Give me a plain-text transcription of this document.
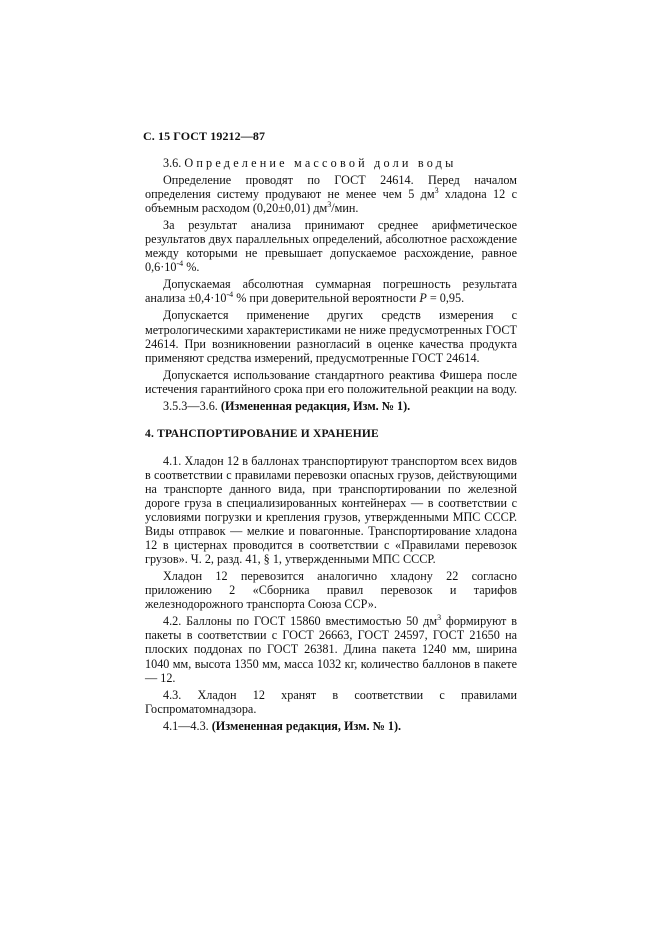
С. 15 ГОСТ 19212—87

3.6. Определение массовой доли воды

Определение проводят по ГОСТ 24614. Перед началом определения систему продувают не менее чем 5 $дм^3$ хладона 12 с объемным расходом (0,20±0,01) $дм^3$/мин.

За результат анализа принимают среднее арифметическое результатов двух параллельных определений, абсолютное расхождение между которыми не превышает допускаемое расхождение, равное $0,6\cdot 10^{-4}$ %.

Допускаемая абсолютная суммарная погрешность результата анализа $\pm 0,4\cdot 10^{-4}$ % при доверительной вероятности P = 0,95.

Допускается применение других средств измерения с метрологическими характеристиками не ниже предусмотренных ГОСТ 24614. При возникновении разногласий в оценке качества продукта применяют средства измерений, предусмотренные ГОСТ 24614.

Допускается использование стандартного реактива Фишера после истечения гарантийного срока при его положительной реакции на воду.

3.5.3—3.6. (Измененная редакция, Изм. № 1).

4. ТРАНСПОРТИРОВАНИЕ И ХРАНЕНИЕ

4.1. Хладон 12 в баллонах транспортируют транспортом всех видов в соответствии с правилами перевозки опасных грузов, действующими на транспорте данного вида, при транспортировании по железной дороге груза в специализированных контейнерах — в соответствии с условиями погрузки и крепления грузов, утвержденными МПС СССР. Виды отправок — мелкие и повагонные. Транспортирование хладона 12 в цистернах проводится в соответствии с «Правилами перевозок грузов». Ч. 2, разд. 41, § 1, утвержденными МПС СССР.

Хладон 12 перевозится аналогично хладону 22 согласно приложению 2 «Сборника правил перевозок и тарифов железнодорожного транспорта Союза ССР».

4.2. Баллоны по ГОСТ 15860 вместимостью 50 $дм^3$ формируют в пакеты в соответствии с ГОСТ 26663, ГОСТ 24597, ГОСТ 21650 на плоских поддонах по ГОСТ 26381. Длина пакета 1240 мм, ширина 1040 мм, высота 1350 мм, масса 1032 кг, количество баллонов в пакете — 12.

4.3. Хладон 12 хранят в соответствии с правилами Госпроматомнадзора.

4.1—4.3. (Измененная редакция, Изм. № 1).
